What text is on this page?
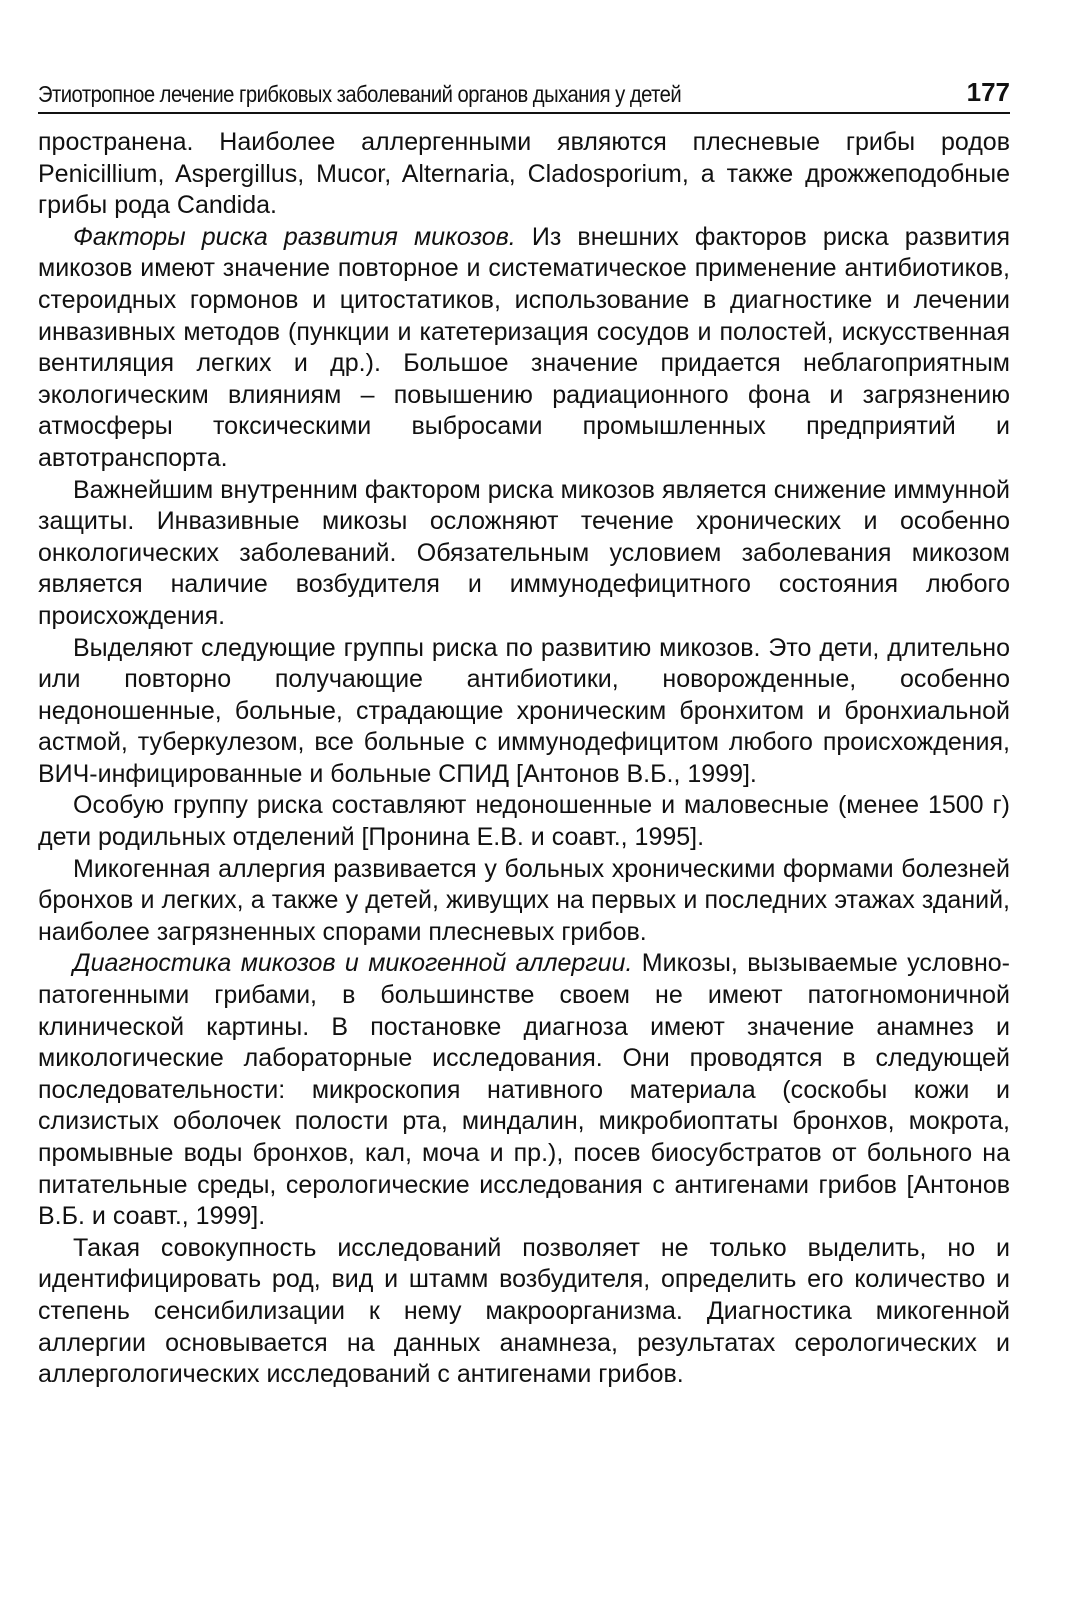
Этиотропное лечение грибковых заболеваний органов дыхания у детей	177

пространена. Наиболее аллергенными являются плесневые грибы родов Penicillium, Aspergillus, Mucor, Alternaria, Cladosporium, а также дрожжеподобные грибы рода Candida.

Факторы риска развития микозов. Из внешних факторов риска развития микозов имеют значение повторное и систематическое применение антибиотиков, стероидных гормонов и цитостатиков, использование в диагностике и лечении инвазивных методов (пункции и катетеризация сосудов и полостей, искусственная вентиляция легких и др.). Большое значение придается неблагоприятным экологическим влияниям – повышению радиационного фона и загрязнению атмосферы токсическими выбросами промышленных предприятий и автотранспорта.

Важнейшим внутренним фактором риска микозов является снижение иммунной защиты. Инвазивные микозы осложняют течение хронических и особенно онкологических заболеваний. Обязательным условием заболевания микозом является наличие возбудителя и иммунодефицитного состояния любого происхождения.

Выделяют следующие группы риска по развитию микозов. Это дети, длительно или повторно получающие антибиотики, новорожденные, особенно недоношенные, больные, страдающие хроническим бронхитом и бронхиальной астмой, туберкулезом, все больные с иммунодефицитом любого происхождения, ВИЧ-инфицированные и больные СПИД [Антонов В.Б., 1999].

Особую группу риска составляют недоношенные и маловесные (менее 1500 г) дети родильных отделений [Пронина Е.В. и соавт., 1995].

Микогенная аллергия развивается у больных хроническими формами болезней бронхов и легких, а также у детей, живущих на первых и последних этажах зданий, наиболее загрязненных спорами плесневых грибов.

Диагностика микозов и микогенной аллергии. Микозы, вызываемые условно-патогенными грибами, в большинстве своем не имеют патогномоничной клинической картины. В постановке диагноза имеют значение анамнез и микологические лабораторные исследования. Они проводятся в следующей последовательности: микроскопия нативного материала (соскобы кожи и слизистых оболочек полости рта, миндалин, микробиоптаты бронхов, мокрота, промывные воды бронхов, кал, моча и пр.), посев биосубстратов от больного на питательные среды, серологические исследования с антигенами грибов [Антонов В.Б. и соавт., 1999].

Такая совокупность исследований позволяет не только выделить, но и идентифицировать род, вид и штамм возбудителя, определить его количество и степень сенсибилизации к нему макроорганизма. Диагностика микогенной аллергии основывается на данных анамнеза, результатах серологических и аллергологических исследований с антигенами грибов.
